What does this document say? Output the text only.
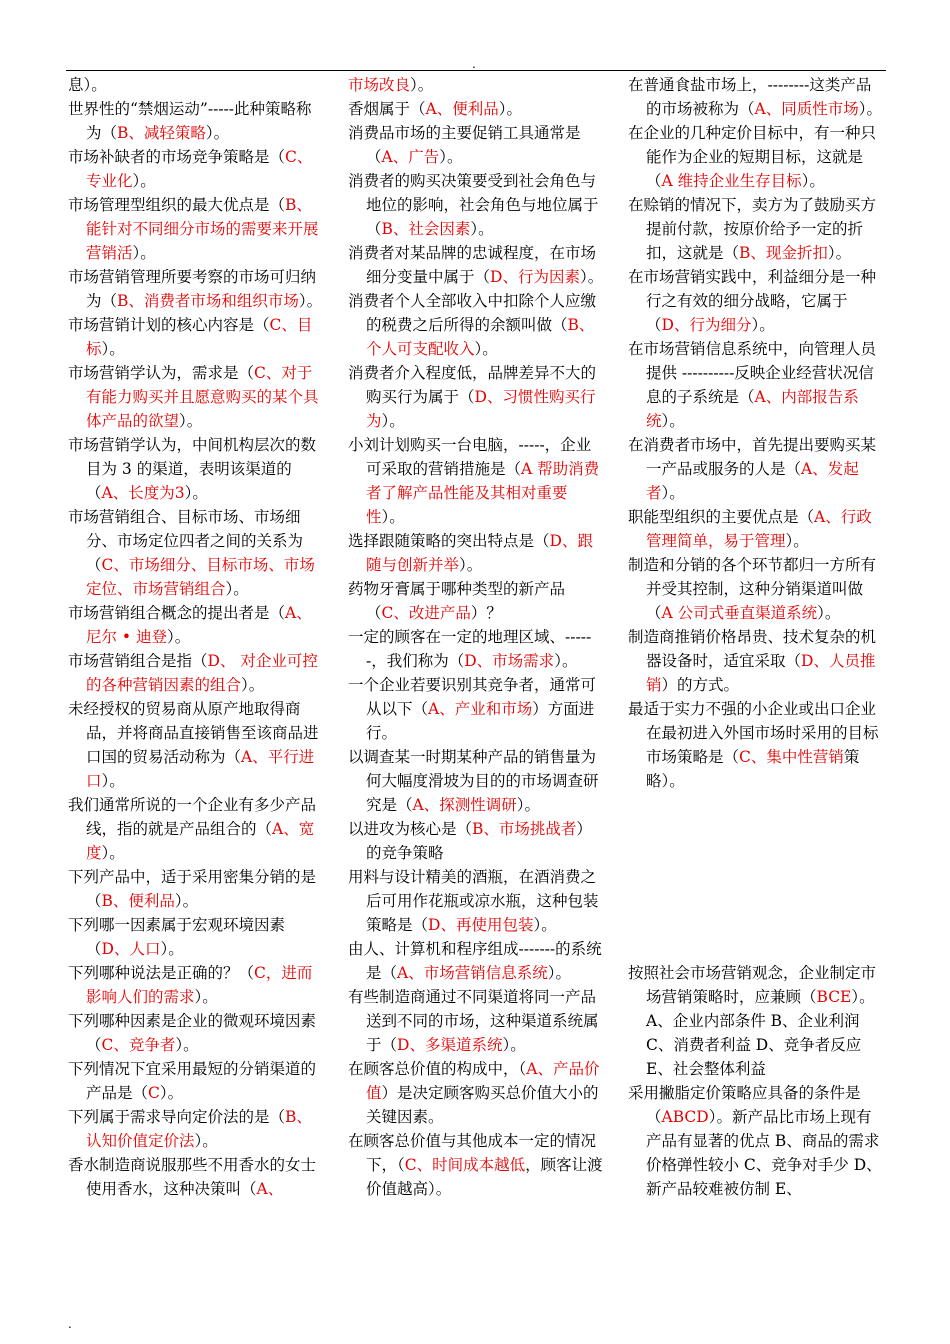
.

息）。

世界性的“禁烟运动”-----此种策略称为（B、减轻策略）。

市场补缺者的市场竞争策略是（C、专业化）。

市场管理型组织的最大优点是（B、能针对不同细分市场的需要来开展营销活）。

市场营销管理所要考察的市场可归纳为（B、消费者市场和组织市场）。

市场营销计划的核心内容是（C、目标）。

市场营销学认为，需求是（C、对于有能力购买并且愿意购买的某个具体产品的欲望）。

市场营销学认为，中间机构层次的数目为 3 的渠道，表明该渠道的（A、长度为3）。

市场营销组合、目标市场、市场细分、市场定位四者之间的关系为（C、市场细分、目标市场、市场定位、市场营销组合）。

市场营销组合概念的提出者是（A、尼尔 • 迪登）。

市场营销组合是指（D、 对企业可控的各种营销因素的组合）。

未经授权的贸易商从原产地取得商品，并将商品直接销售至该商品进口国的贸易活动称为（A、平行进口）。

我们通常所说的一个企业有多少产品线，指的就是产品组合的（A、宽度）。

下列产品中，适于采用密集分销的是（B、便利品）。

下列哪一因素属于宏观环境因素（D、人口）。

下列哪种说法是正确的？（C，进而影响人们的需求）。

下列哪种因素是企业的微观环境因素（C、竞争者）。

下列情况下宜采用最短的分销渠道的产品是（C）。

下列属于需求导向定价法的是（B、认知价值定价法）。

香水制造商说服那些不用香水的女士使用香水，这种决策叫（A、

市场改良）。

香烟属于（A、便利品）。

消费品市场的主要促销工具通常是（A、广告）。

消费者的购买决策要受到社会角色与地位的影响，社会角色与地位属于（B、社会因素）。

消费者对某品牌的忠诚程度，在市场细分变量中属于（D、行为因素）。

消费者个人全部收入中扣除个人应缴的税费之后所得的余额叫做（B、个人可支配收入）。

消费者介入程度低，品牌差异不大的购买行为属于（D、习惯性购买行为）。

小刘计划购买一台电脑，-----，企业可采取的营销措施是（A 帮助消费者了解产品性能及其相对重要性）。

选择跟随策略的突出特点是（D、跟随与创新并举）。

药物牙膏属于哪种类型的新产品（C、改进产品）？

一定的顾客在一定的地理区域、------，我们称为（D、市场需求）。

一个企业若要识别其竞争者，通常可从以下（A、产业和市场）方面进行。

以调查某一时期某种产品的销售量为何大幅度滑坡为目的的市场调查研究是（A、探测性调研）。

以进攻为核心是（B、市场挑战者）的竞争策略

用料与设计精美的酒瓶，在酒消费之后可用作花瓶或凉水瓶，这种包装策略是（D、再使用包装）。

由人、计算机和程序组成-------的系统是（A、市场营销信息系统）。

有些制造商通过不同渠道将同一产品送到不同的市场，这种渠道系统属于（D、多渠道系统）。

在顾客总价值的构成中，（A、产品价值）是决定顾客购买总价值大小的关键因素。

在顾客总价值与其他成本一定的情况下，（C、时间成本越低，顾客让渡价值越高）。

在普通食盐市场上，--------这类产品的市场被称为（A、同质性市场）。

在企业的几种定价目标中，有一种只能作为企业的短期目标，这就是（A 维持企业生存目标）。

在赊销的情况下，卖方为了鼓励买方提前付款，按原价给予一定的折扣，这就是（B、现金折扣）。

在市场营销实践中，利益细分是一种行之有效的细分战略，它属于（D、行为细分）。

在市场营销信息系统中，向管理人员提供 ----------反映企业经营状况信息的子系统是（A、内部报告系统）。

在消费者市场中，首先提出要购买某一产品或服务的人是（A、发起者）。

职能型组织的主要优点是（A、行政管理简单，易于管理）。

制造和分销的各个环节都归一方所有并受其控制，这种分销渠道叫做（A 公司式垂直渠道系统）。

制造商推销价格昂贵、技术复杂的机器设备时，适宜采取（D、人员推销）的方式。

最适于实力不强的小企业或出口企业在最初进入外国市场时采用的目标市场策略是（C、集中性营销策略）。

按照社会市场营销观念，企业制定市场营销策略时，应兼顾（BCE）。A、企业内部条件 B、企业利润 C、消费者利益 D、竞争者反应 E、社会整体利益

采用撇脂定价策略应具备的条件是（ABCD）。新产品比市场上现有产品有显著的优点 B、商品的需求价格弹性较小 C、竞争对手少 D、新产品较难被仿制 E、

.
